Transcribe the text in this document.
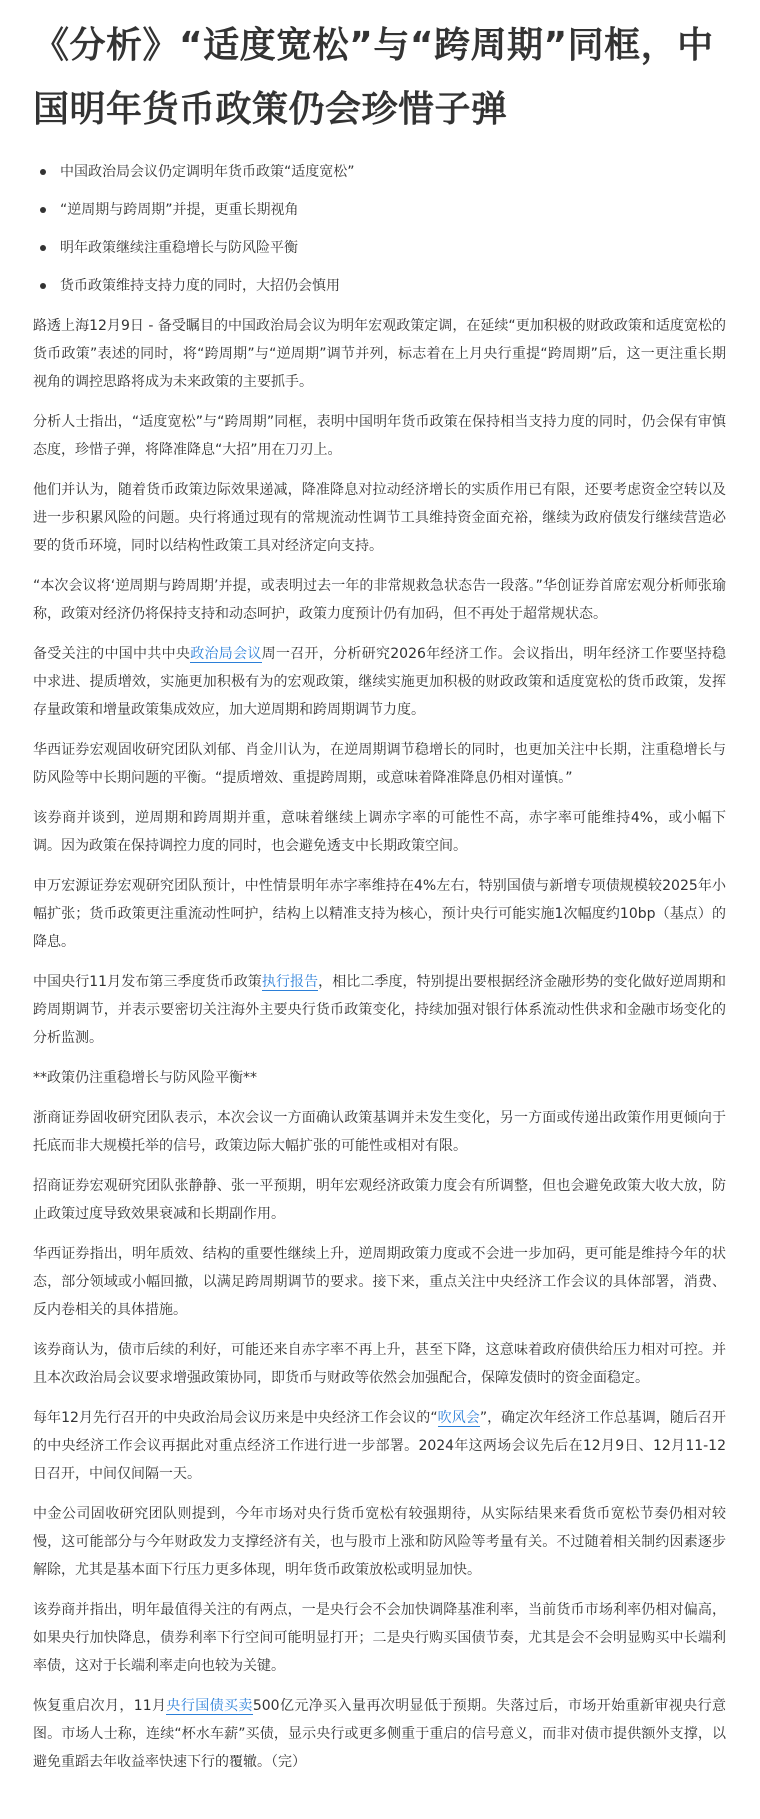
《分析》“适度宽松”与“跨周期”同框，中国明年货币政策仍会珍惜子弹
中国政治局会议仍定调明年货币政策“适度宽松”
“逆周期与跨周期”并提，更重长期视角
明年政策继续注重稳增长与防风险平衡
货币政策维持支持力度的同时，大招仍会慎用

路透上海12月9日 - 备受瞩目的中国政治局会议为明年宏观政策定调，在延续“更加积极的财政政策和适度宽松的货币政策”表述的同时，将“跨周期”与“逆周期”调节并列，标志着在上月央行重提“跨周期”后，这一更注重长期视角的调控思路将成为未来政策的主要抓手。

分析人士指出，“适度宽松”与“跨周期”同框，表明中国明年货币政策在保持相当支持力度的同时，仍会保有审慎态度，珍惜子弹，将降准降息“大招”用在刀刃上。

他们并认为，随着货币政策边际效果递减，降准降息对拉动经济增长的实质作用已有限，还要考虑资金空转以及进一步积累风险的问题。央行将通过现有的常规流动性调节工具维持资金面充裕，继续为政府债发行继续营造必要的货币环境，同时以结构性政策工具对经济定向支持。

“本次会议将‘逆周期与跨周期’并提，或表明过去一年的非常规救急状态告一段落。”华创证券首席宏观分析师张瑜称，政策对经济仍将保持支持和动态呵护，政策力度预计仍有加码，但不再处于超常规状态。

备受关注的中国中共中央政治局会议周一召开，分析研究2026年经济工作。会议指出，明年经济工作要坚持稳中求进、提质增效，实施更加积极有为的宏观政策，继续实施更加积极的财政政策和适度宽松的货币政策，发挥存量政策和增量政策集成效应，加大逆周期和跨周期调节力度。

华西证券宏观固收研究团队刘郁、肖金川认为，在逆周期调节稳增长的同时，也更加关注中长期，注重稳增长与防风险等中长期问题的平衡。“提质增效、重提跨周期，或意味着降准降息仍相对谨慎。”

该券商并谈到，逆周期和跨周期并重，意味着继续上调赤字率的可能性不高，赤字率可能维持4%，或小幅下调。因为政策在保持调控力度的同时，也会避免透支中长期政策空间。

申万宏源证券宏观研究团队预计，中性情景明年赤字率维持在4%左右，特别国债与新增专项债规模较2025年小幅扩张；货币政策更注重流动性呵护，结构上以精准支持为核心，预计央行可能实施1次幅度约10bp（基点）的降息。

中国央行11月发布第三季度货币政策执行报告，相比二季度，特别提出要根据经济金融形势的变化做好逆周期和跨周期调节，并表示要密切关注海外主要央行货币政策变化，持续加强对银行体系流动性供求和金融市场变化的分析监测。

**政策仍注重稳增长与防风险平衡**

浙商证券固收研究团队表示，本次会议一方面确认政策基调并未发生变化，另一方面或传递出政策作用更倾向于托底而非大规模托举的信号，政策边际大幅扩张的可能性或相对有限。

招商证券宏观研究团队张静静、张一平预期，明年宏观经济政策力度会有所调整，但也会避免政策大收大放，防止政策过度导致效果衰减和长期副作用。

华西证券指出，明年质效、结构的重要性继续上升，逆周期政策力度或不会进一步加码，更可能是维持今年的状态，部分领域或小幅回撤，以满足跨周期调节的要求。接下来，重点关注中央经济工作会议的具体部署，消费、反内卷相关的具体措施。

该券商认为，债市后续的利好，可能还来自赤字率不再上升，甚至下降，这意味着政府债供给压力相对可控。并且本次政治局会议要求增强政策协同，即货币与财政等依然会加强配合，保障发债时的资金面稳定。

每年12月先行召开的中央政治局会议历来是中央经济工作会议的“吹风会”，确定次年经济工作总基调，随后召开的中央经济工作会议再据此对重点经济工作进行进一步部署。2024年这两场会议先后在12月9日、12月11-12日召开，中间仅间隔一天。

中金公司固收研究团队则提到，今年市场对央行货币宽松有较强期待，从实际结果来看货币宽松节奏仍相对较慢，这可能部分与今年财政发力支撑经济有关，也与股市上涨和防风险等考量有关。不过随着相关制约因素逐步解除，尤其是基本面下行压力更多体现，明年货币政策放松或明显加快。

该券商并指出，明年最值得关注的有两点，一是央行会不会加快调降基准利率，当前货币市场利率仍相对偏高，如果央行加快降息，债券利率下行空间可能明显打开；二是央行购买国债节奏，尤其是会不会明显购买中长端利率债，这对于长端利率走向也较为关键。

恢复重启次月，11月央行国债买卖500亿元净买入量再次明显低于预期。失落过后，市场开始重新审视央行意图。市场人士称，连续“杯水车薪”买债，显示央行或更多侧重于重启的信号意义，而非对债市提供额外支撑，以避免重蹈去年收益率快速下行的覆辙。（完）
